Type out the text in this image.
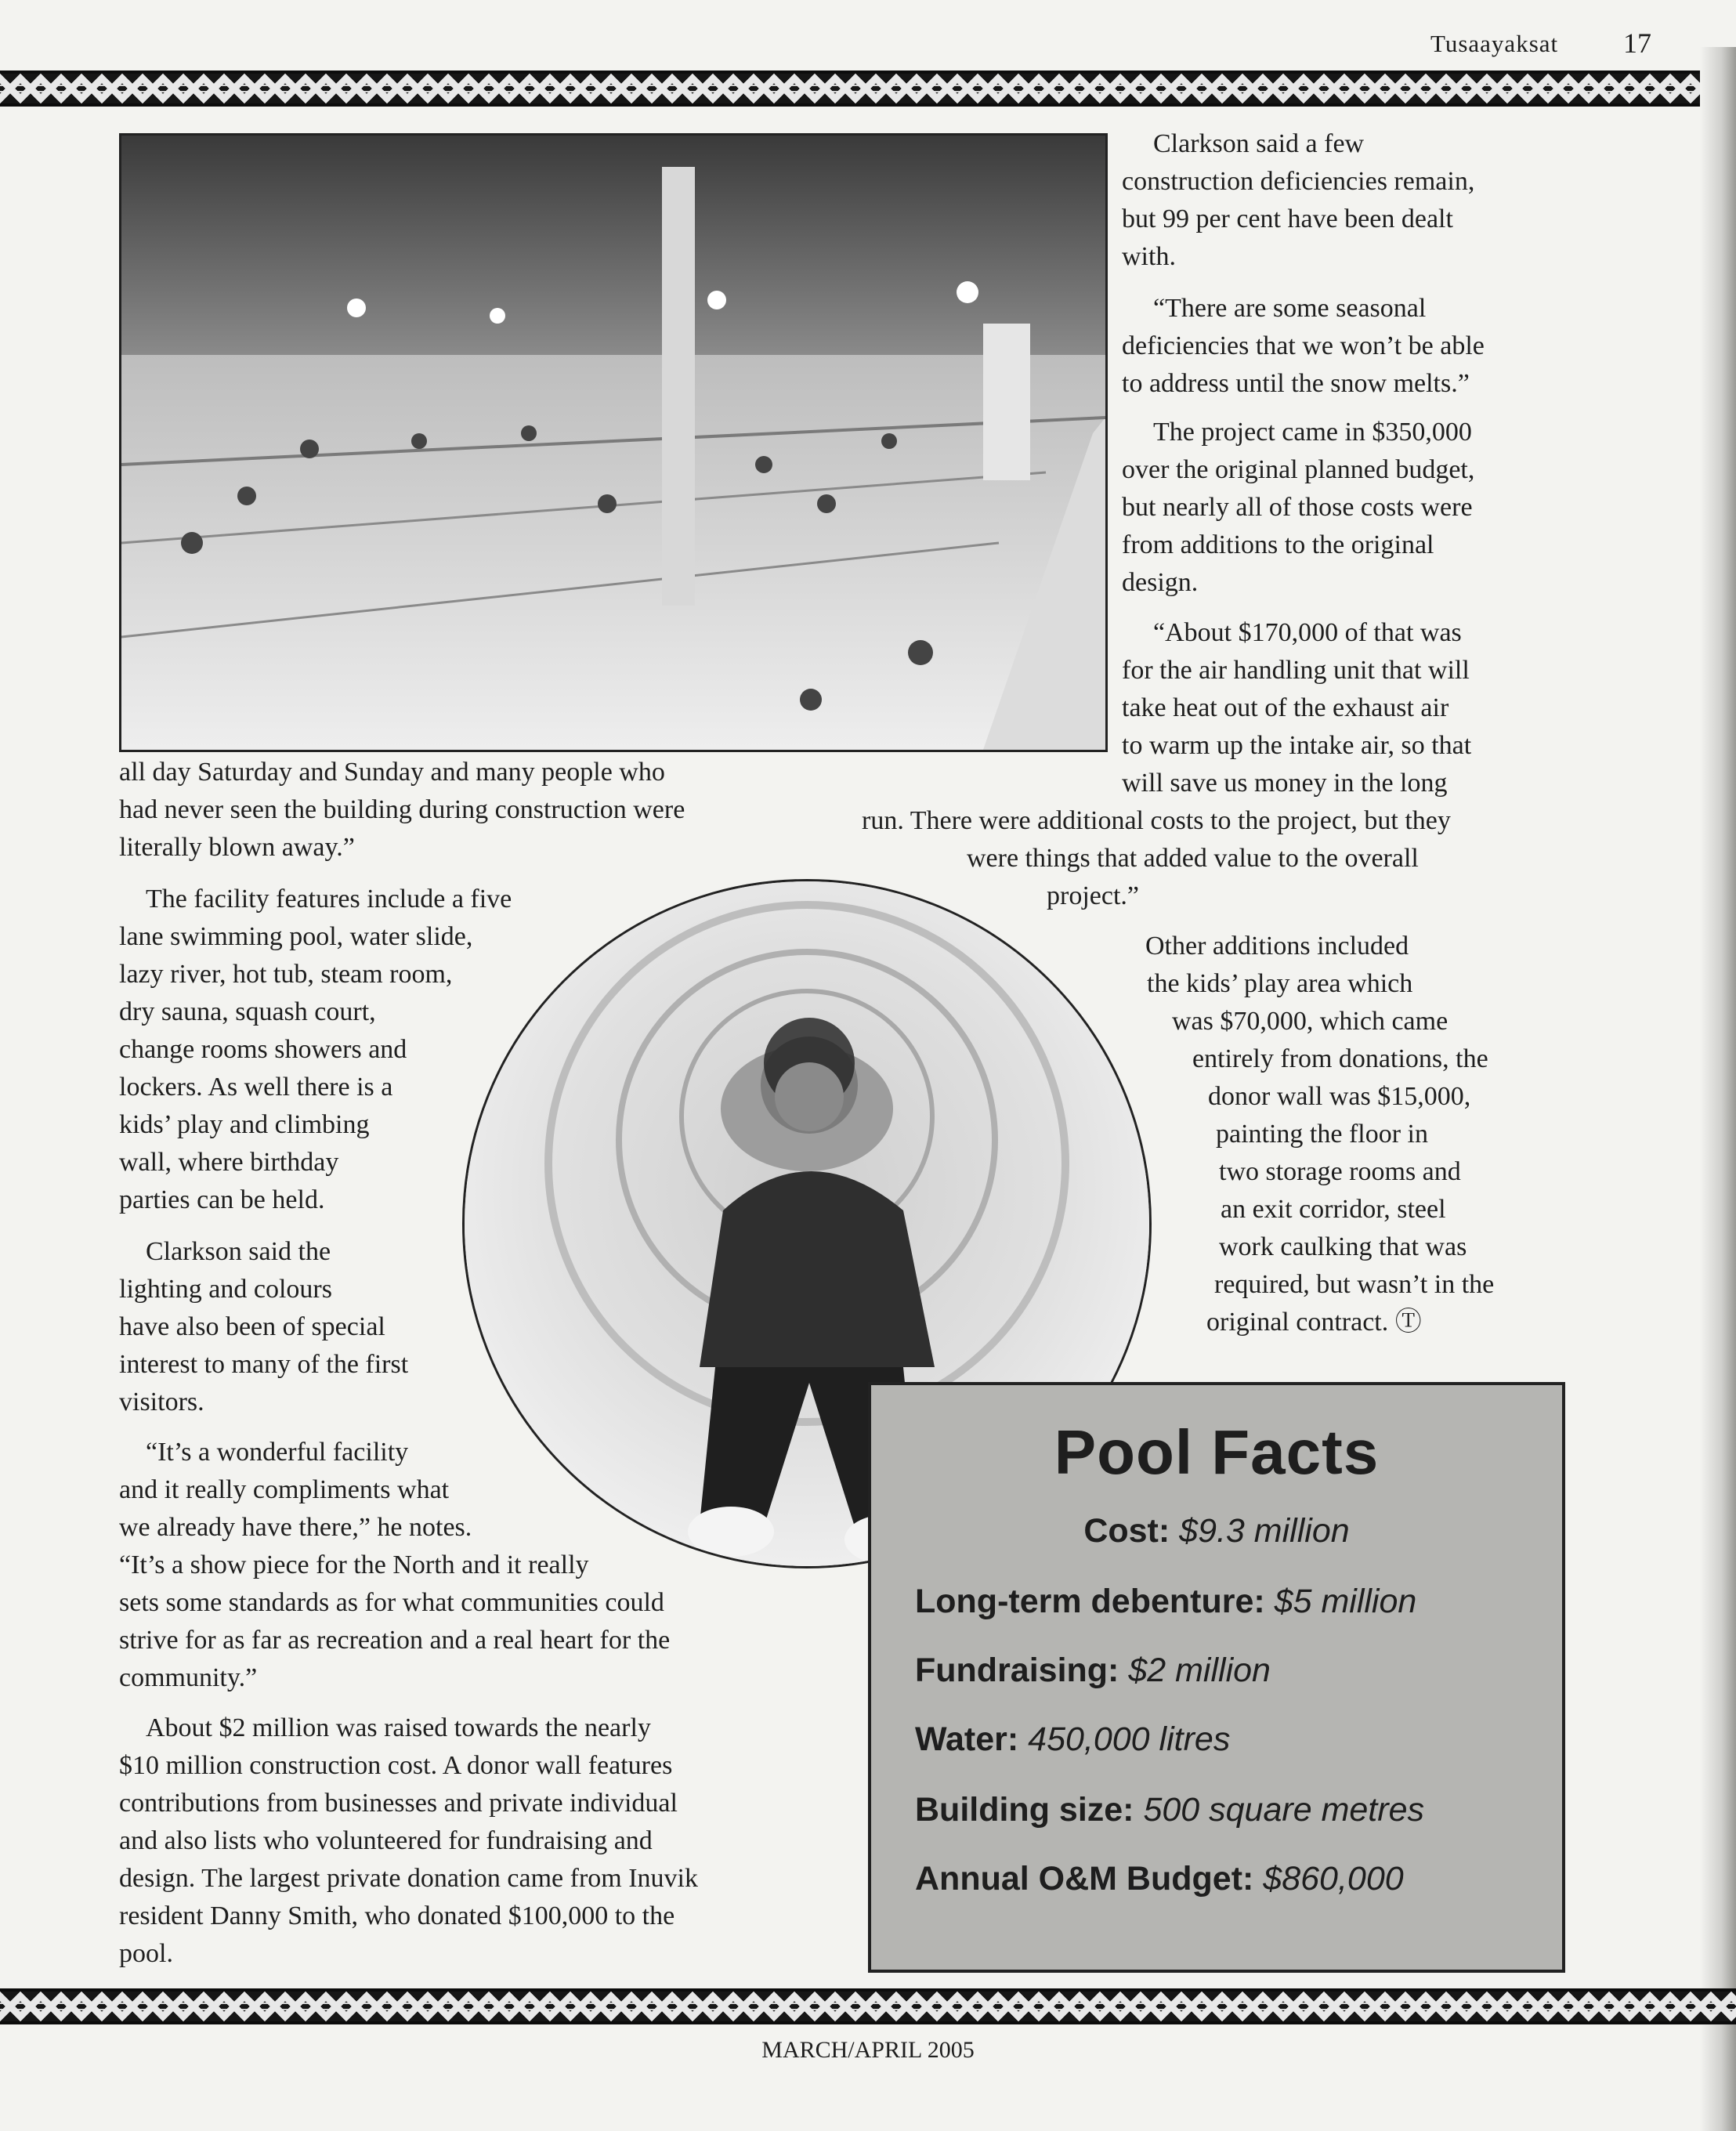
Tusaayaksat 17
all day Saturday and Sunday and many people who
had never seen the building during construction were
literally blown away.”
The facility features include a five
lane swimming pool, water slide,
lazy river, hot tub, steam room,
dry sauna, squash court,
change rooms showers and
lockers. As well there is a
kids’ play and climbing
wall, where birthday
parties can be held.
Clarkson said the
lighting and colours
have also been of special
interest to many of the first
visitors.
“It’s a wonderful facility
and it really compliments what
we already have there,” he notes.
“It’s a show piece for the North and it really
sets some standards as for what communities could
strive for as far as recreation and a real heart for the
community.”
About $2 million was raised towards the nearly
$10 million construction cost. A donor wall features
contributions from businesses and private individual
and also lists who volunteered for fundraising and
design. The largest private donation came from Inuvik
resident Danny Smith, who donated $100,000 to the
pool.
Clarkson said a few
construction deficiencies remain,
but 99 per cent have been dealt
with.
“There are some seasonal
deficiencies that we won’t be able
to address until the snow melts.”
The project came in $350,000
over the original planned budget,
but nearly all of those costs were
from additions to the original
design.
“About $170,000 of that was
for the air handling unit that will
take heat out of the exhaust air
to warm up the intake air, so that
will save us money in the long
run. There were additional costs to the project, but they
were things that added value to the overall
project.”
Other additions included
the kids’ play area which
was $70,000, which came
entirely from donations, the
donor wall was $15,000,
painting the floor in
two storage rooms and
an exit corridor, steel
work caulking that was
required, but wasn’t in the
original contract. Ⓣ
Pool Facts
Cost: $9.3 million
Long-term debenture: $5 million
Fundraising: $2 million
Water: 450,000 litres
Building size: 500 square metres
Annual O&M Budget: $860,000
MARCH/APRIL 2005
